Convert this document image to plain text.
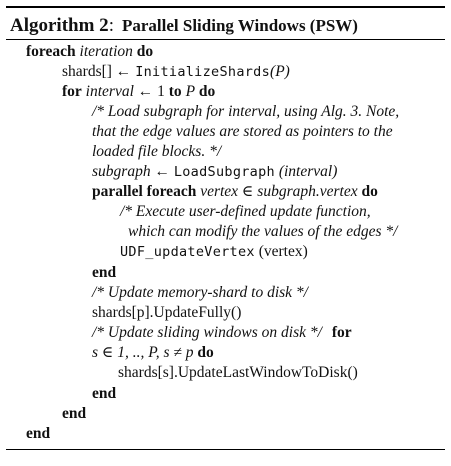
Algorithm 2: Parallel Sliding Windows (PSW)
foreach iteration do
shards[] ← InitializeShards(P)
for interval ← 1 to P do
/* Load subgraph for interval, using Alg. 3. Note,
that the edge values are stored as pointers to the
loaded file blocks. */
subgraph ← LoadSubgraph (interval)
parallel foreach vertex ∈ subgraph.vertex do
/* Execute user-defined update function,
which can modify the values of the edges */
UDF_updateVertex (vertex)
end
/* Update memory-shard to disk */
shards[p].UpdateFully()
/* Update sliding windows on disk */ for
s ∈ 1, .., P, s ≠ p do
shards[s].UpdateLastWindowToDisk()
end
end
end
